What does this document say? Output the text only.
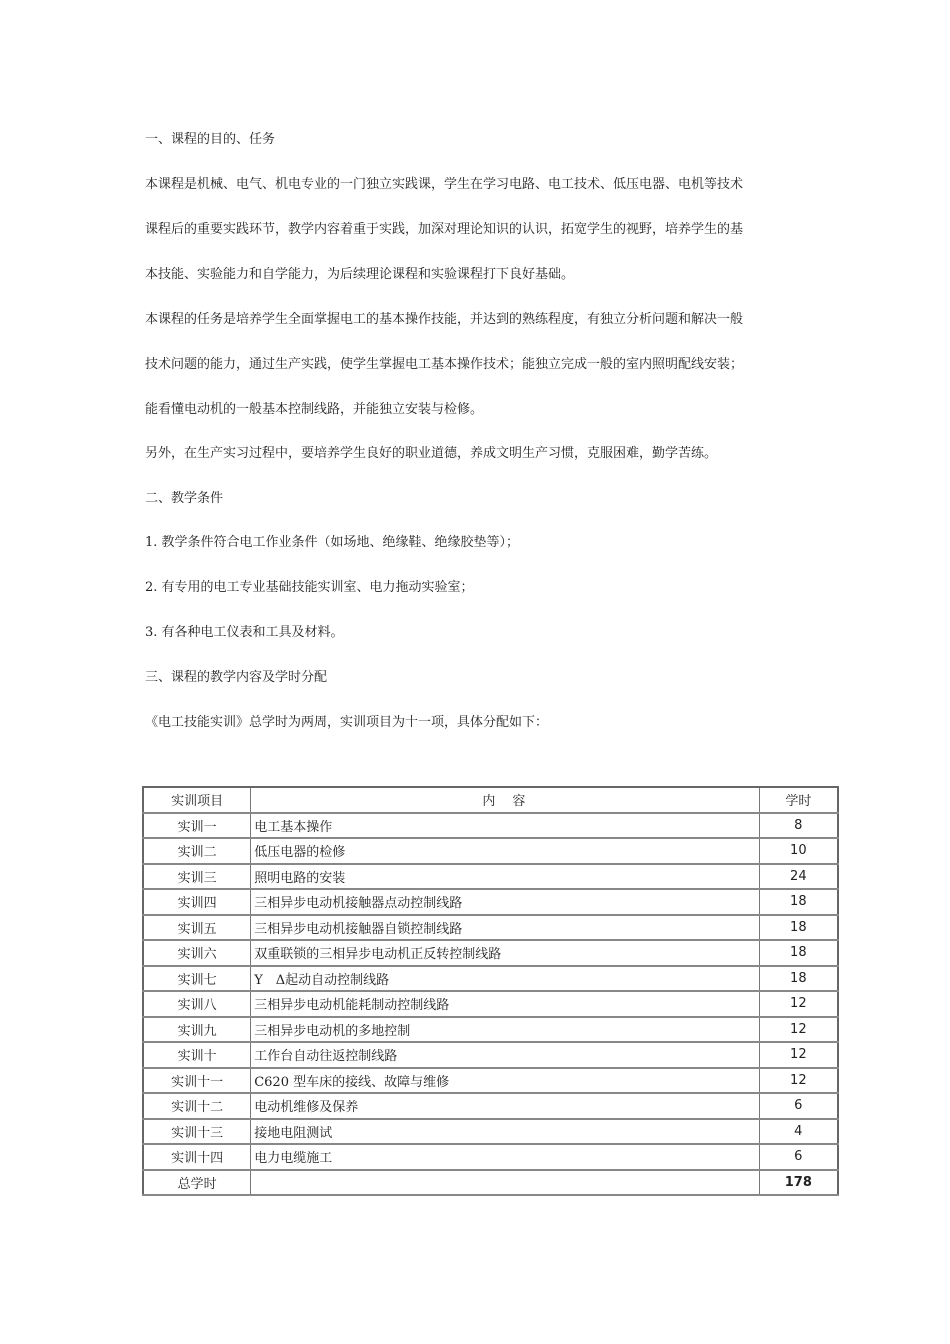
一、课程的目的、任务
本课程是机械、电气、机电专业的一门独立实践课，学生在学习电路、电工技术、低压电器、电机等技术
课程后的重要实践环节，教学内容着重于实践，加深对理论知识的认识，拓宽学生的视野，培养学生的基
本技能、实验能力和自学能力，为后续理论课程和实验课程打下良好基础。
本课程的任务是培养学生全面掌握电工的基本操作技能，并达到的熟练程度，有独立分析问题和解决一般
技术问题的能力，通过生产实践，使学生掌握电工基本操作技术；能独立完成一般的室内照明配线安装；
能看懂电动机的一般基本控制线路，并能独立安装与检修。
另外，在生产实习过程中，要培养学生良好的职业道德，养成文明生产习惯，克服困难，勤学苦练。
二、教学条件
1. 教学条件符合电工作业条件（如场地、绝缘鞋、绝缘胶垫等）；
2. 有专用的电工专业基础技能实训室、电力拖动实验室；
3. 有各种电工仪表和工具及材料。
三、课程的教学内容及学时分配
《电工技能实训》总学时为两周，实训项目为十一项，具体分配如下：
实训项目	内　容	学时
实训一	电工基本操作	8
实训二	低压电器的检修	10
实训三	照明电路的安装	24
实训四	三相异步电动机接触器点动控制线路	18
实训五	三相异步电动机接触器自锁控制线路	18
实训六	双重联锁的三相异步电动机正反转控制线路	18
实训七	Y　Δ起动自动控制线路	18
实训八	三相异步电动机能耗制动控制线路	12
实训九	三相异步电动机的多地控制	12
实训十	工作台自动往返控制线路	12
实训十一	C620 型车床的接线、故障与维修	12
实训十二	电动机维修及保养	6
实训十三	接地电阻测试	4
实训十四	电力电缆施工	6
总学时		178
